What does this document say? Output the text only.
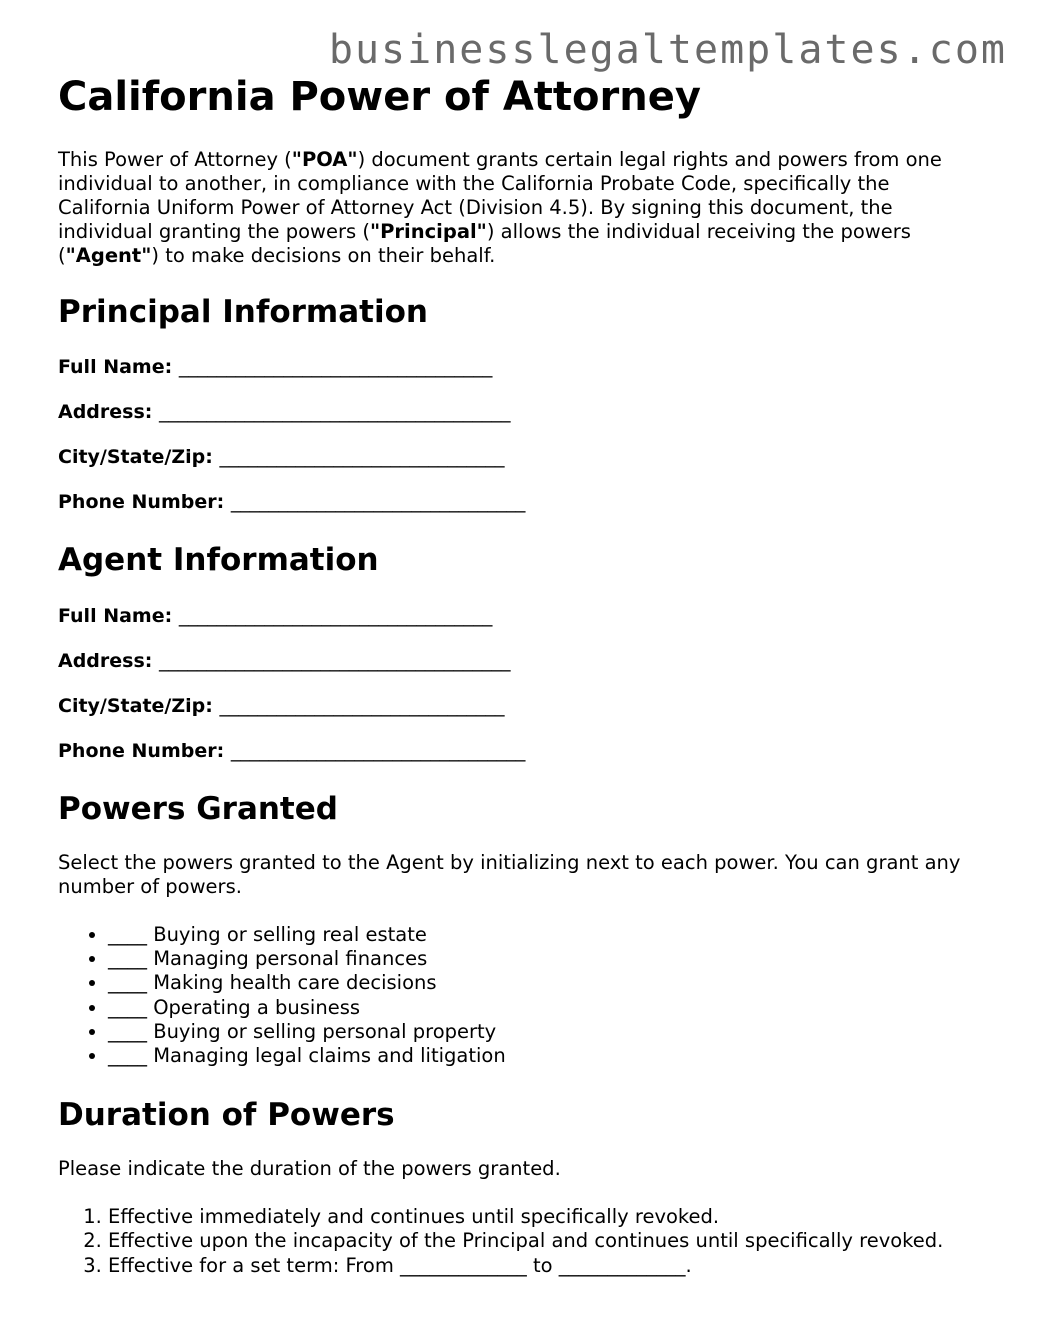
businesslegaltemplates.com
California Power of Attorney

This Power of Attorney ("POA") document grants certain legal rights and powers from one individual to another, in compliance with the California Probate Code, specifically the California Uniform Power of Attorney Act (Division 4.5). By signing this document, the individual granting the powers ("Principal") allows the individual receiving the powers ("Agent") to make decisions on their behalf.

Principal Information
Full Name: _________________________________
Address: _____________________________________
City/State/Zip: ______________________________
Phone Number: _______________________________
Agent Information
Full Name: _________________________________
Address: _____________________________________
City/State/Zip: ______________________________
Phone Number: _______________________________
Powers Granted

Select the powers granted to the Agent by initializing next to each power. You can grant any number of powers.

• ____ Buying or selling real estate
• ____ Managing personal finances
• ____ Making health care decisions
• ____ Operating a business
• ____ Buying or selling personal property
• ____ Managing legal claims and litigation
Duration of Powers

Please indicate the duration of the powers granted.

1. Effective immediately and continues until specifically revoked.
2. Effective upon the incapacity of the Principal and continues until specifically revoked.
3. Effective for a set term: From _____________ to _____________.
